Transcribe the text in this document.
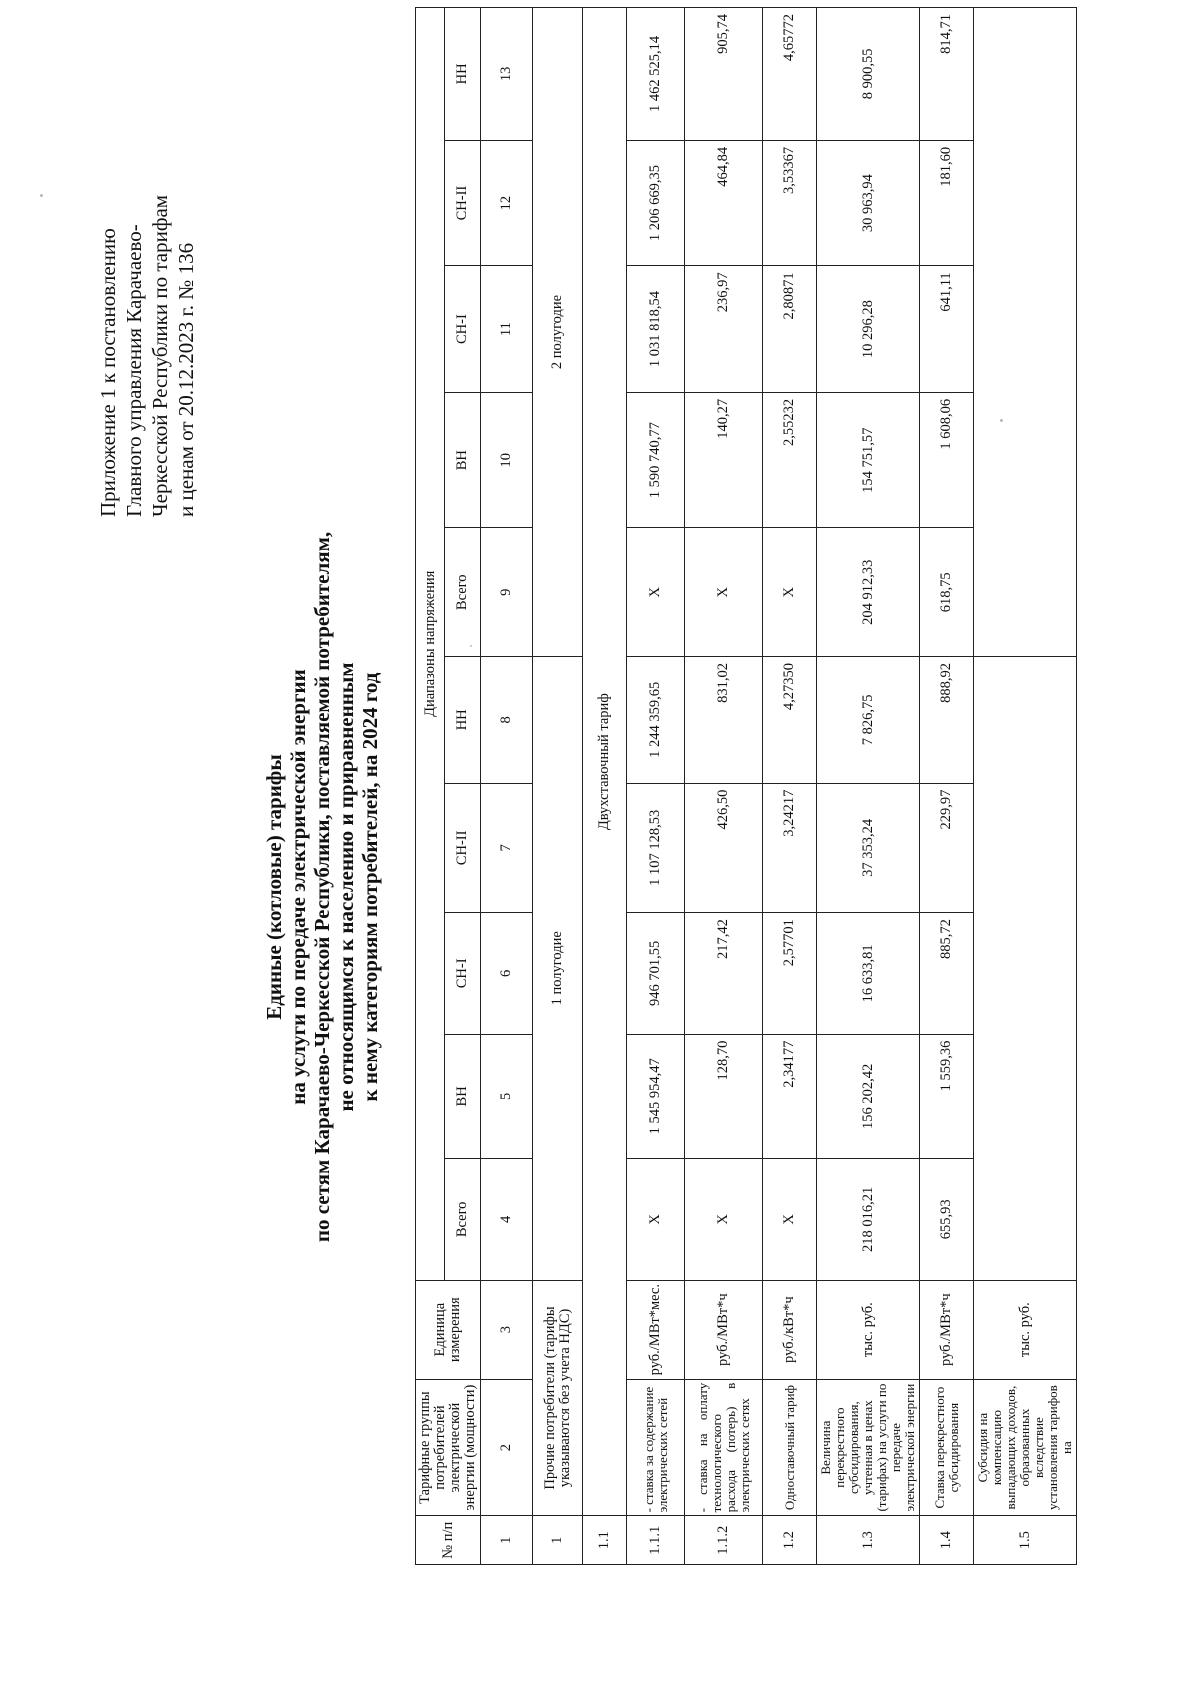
Приложение 1 к постановлению Главного управления Карачаево- Черкесской Республики по тарифам и ценам от 20.12.2023 г. № 136
Единые (котловые) тарифы на услуги по передаче электрической энергии по сетям Карачаево-Черкесской Республики, поставляемой потребителям, не относящимся к населению и приравненным к нему категориям потребителей, на 2024 год
№ п/п	Тарифные группы потребителей электрической энергии (мощности)	Единица измерения	Диапазоны напряжения									
			Всего	ВН	СН-I	СН-II	НН	Всего	ВН	СН-I	СН-II	НН
1	2	3	4	5	6	7	8	9	10	11	12	13
1	Прочие потребители (тарифы указываются без учета НДС)		1 полугодие					2 полугодие				
1.1	Двухставочный тариф											
1.1.1	- ставка за содержание электрических сетей	руб./МВт*мес.	Х	1 545 954,47	946 701,55	1 107 128,53	1 244 359,65	Х	1 590 740,77	1 031 818,54	1 206 669,35	1 462 525,14
1.1.2	- ставка на оплату технологического расхода (потерь) в электрических сетях	руб./МВт*ч	Х	128,70	217,42	426,50	831,02	Х	140,27	236,97	464,84	905,74
1.2	Одноставочный тариф	руб./кВт*ч	Х	2,34177	2,57701	3,24217	4,27350	Х	2,55232	2,80871	3,53367	4,65772
1.3	Величина перекрестного субсидирования, учтенная в ценах (тарифах) на услуги по передаче электрической энергии	тыс. руб.	218 016,21	156 202,42	16 633,81	37 353,24	7 826,75	204 912,33	154 751,57	10 296,28	30 963,94	8 900,55
1.4	Ставка перекрестного субсидирования	руб./МВт*ч	655,93	1 559,36	885,72	229,97	888,92	618,75	1 608,06	641,11	181,60	814,71
1.5	Субсидия на компенсацию выпадающих доходов, образованных вследствие установления тарифов на	тыс. руб.										
